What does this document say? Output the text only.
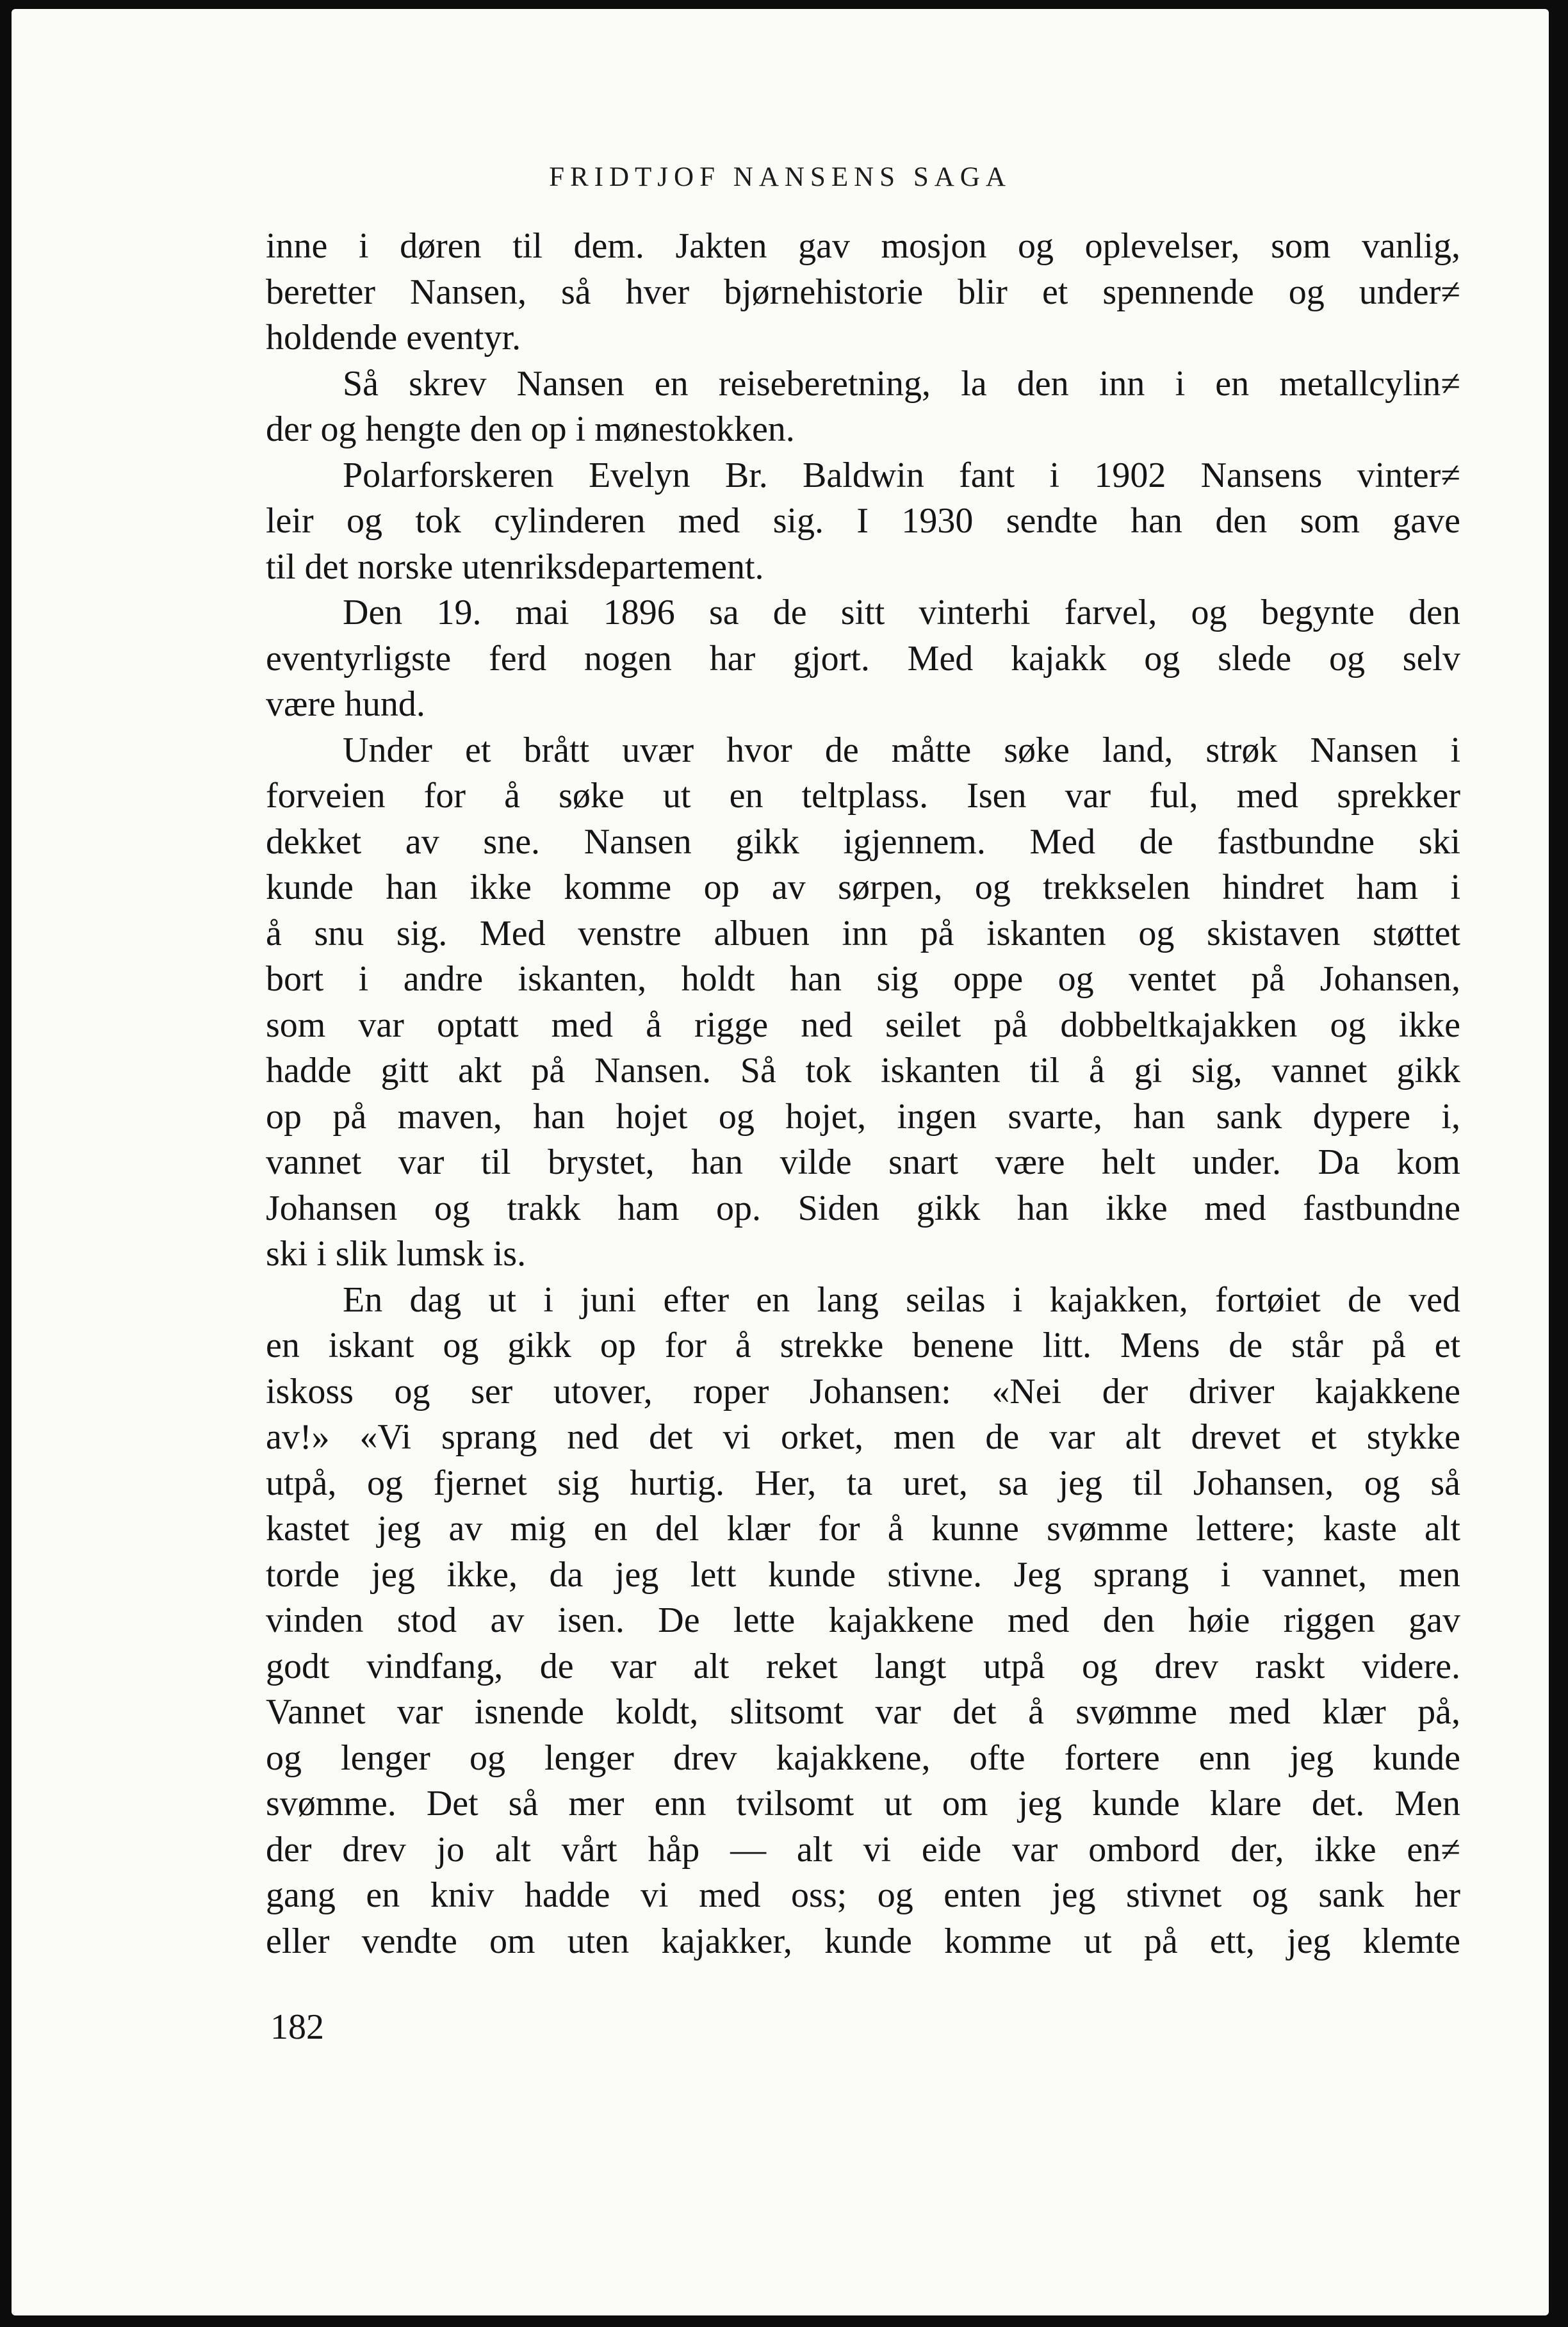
FRIDTJOF NANSENS SAGA
inne i døren til dem. Jakten gav mosjon og oplevelser, som vanlig,
beretter Nansen, så hver bjørnehistorie blir et spennende og under≠
holdende eventyr.
Så skrev Nansen en reiseberetning, la den inn i en metallcylin≠
der og hengte den op i mønestokken.
Polarforskeren Evelyn Br. Baldwin fant i 1902 Nansens vinter≠
leir og tok cylinderen med sig. I 1930 sendte han den som gave
til det norske utenriksdepartement.
Den 19. mai 1896 sa de sitt vinterhi farvel, og begynte den
eventyrligste ferd nogen har gjort. Med kajakk og slede og selv
være hund.
Under et brått uvær hvor de måtte søke land, strøk Nansen i
forveien for å søke ut en teltplass. Isen var ful, med sprekker
dekket av sne. Nansen gikk igjennem. Med de fastbundne ski
kunde han ikke komme op av sørpen, og trekkselen hindret ham i
å snu sig. Med venstre albuen inn på iskanten og skistaven støttet
bort i andre iskanten, holdt han sig oppe og ventet på Johansen,
som var optatt med å rigge ned seilet på dobbeltkajakken og ikke
hadde gitt akt på Nansen. Så tok iskanten til å gi sig, vannet gikk
op på maven, han hojet og hojet, ingen svarte, han sank dypere i,
vannet var til brystet, han vilde snart være helt under. Da kom
Johansen og trakk ham op. Siden gikk han ikke med fastbundne
ski i slik lumsk is.
En dag ut i juni efter en lang seilas i kajakken, fortøiet de ved
en iskant og gikk op for å strekke benene litt. Mens de står på et
iskoss og ser utover, roper Johansen: «Nei der driver kajakkene
av!» «Vi sprang ned det vi orket, men de var alt drevet et stykke
utpå, og fjernet sig hurtig. Her, ta uret, sa jeg til Johansen, og så
kastet jeg av mig en del klær for å kunne svømme lettere; kaste alt
torde jeg ikke, da jeg lett kunde stivne. Jeg sprang i vannet, men
vinden stod av isen. De lette kajakkene med den høie riggen gav
godt vindfang, de var alt reket langt utpå og drev raskt videre.
Vannet var isnende koldt, slitsomt var det å svømme med klær på,
og lenger og lenger drev kajakkene, ofte fortere enn jeg kunde
svømme. Det så mer enn tvilsomt ut om jeg kunde klare det. Men
der drev jo alt vårt håp — alt vi eide var ombord der, ikke en≠
gang en kniv hadde vi med oss; og enten jeg stivnet og sank her
eller vendte om uten kajakker, kunde komme ut på ett, jeg klemte
182
